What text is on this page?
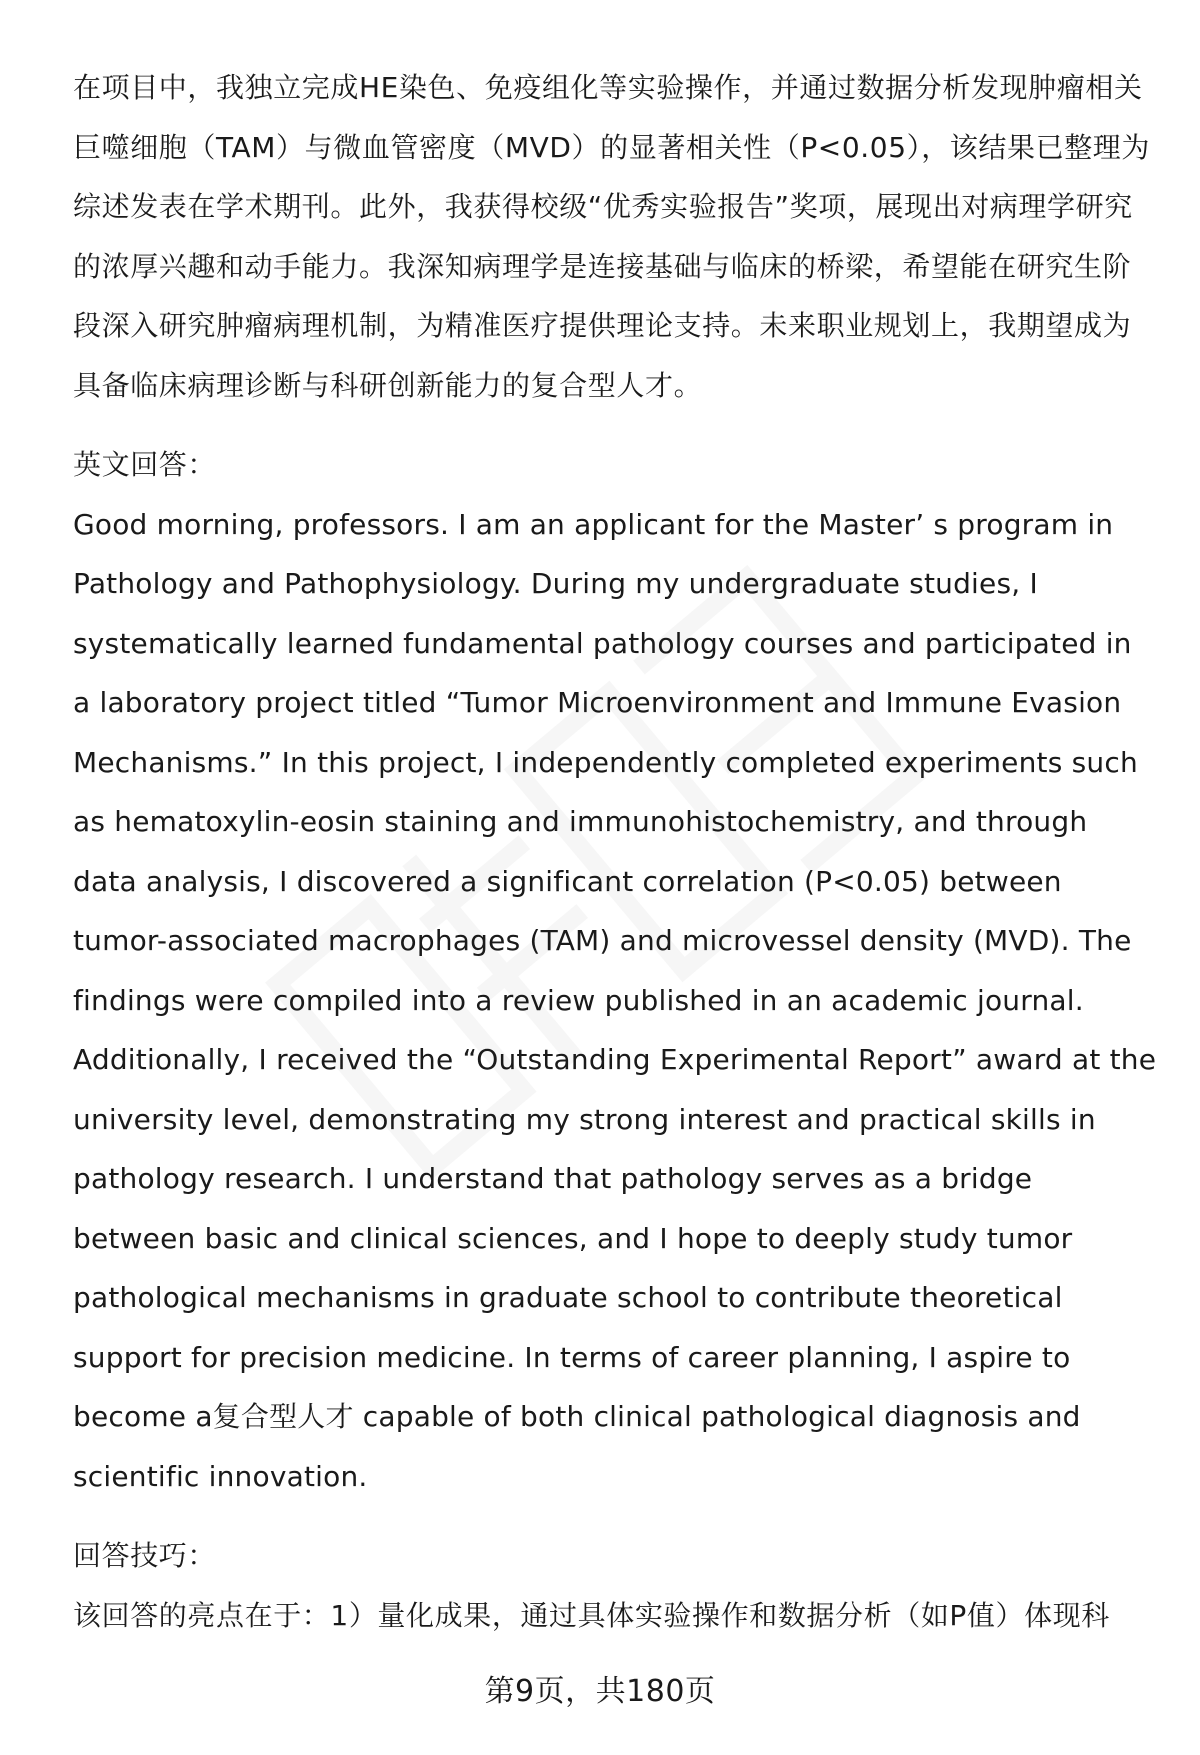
在项目中，我独立完成HE染色、免疫组化等实验操作，并通过数据分析发现肿瘤相关巨噬细胞（TAM）与微血管密度（MVD）的显著相关性（P<0.05），该结果已整理为综述发表在学术期刊。此外，我获得校级“优秀实验报告”奖项，展现出对病理学研究的浓厚兴趣和动手能力。我深知病理学是连接基础与临床的桥梁，希望能在研究生阶段深入研究肿瘤病理机制，为精准医疗提供理论支持。未来职业规划上，我期望成为具备临床病理诊断与科研创新能力的复合型人才。

英文回答：

Good morning, professors. I am an applicant for the Master’ s program in Pathology and Pathophysiology. During my undergraduate studies, I systematically learned fundamental pathology courses and participated in a laboratory project titled “Tumor Microenvironment and Immune Evasion Mechanisms.” In this project, I independently completed experiments such as hematoxylin-eosin staining and immunohistochemistry, and through data analysis, I discovered a significant correlation (P<0.05) between tumor-associated macrophages (TAM) and microvessel density (MVD). The findings were compiled into a review published in an academic journal. Additionally, I received the “Outstanding Experimental Report” award at the university level, demonstrating my strong interest and practical skills in pathology research. I understand that pathology serves as a bridge between basic and clinical sciences, and I hope to deeply study tumor pathological mechanisms in graduate school to contribute theoretical support for precision medicine. In terms of career planning, I aspire to become a复合型人才 capable of both clinical pathological diagnosis and scientific innovation.

回答技巧：

该回答的亮点在于：1）量化成果，通过具体实验操作和数据分析（如P值）体现科

第9页，共180页
